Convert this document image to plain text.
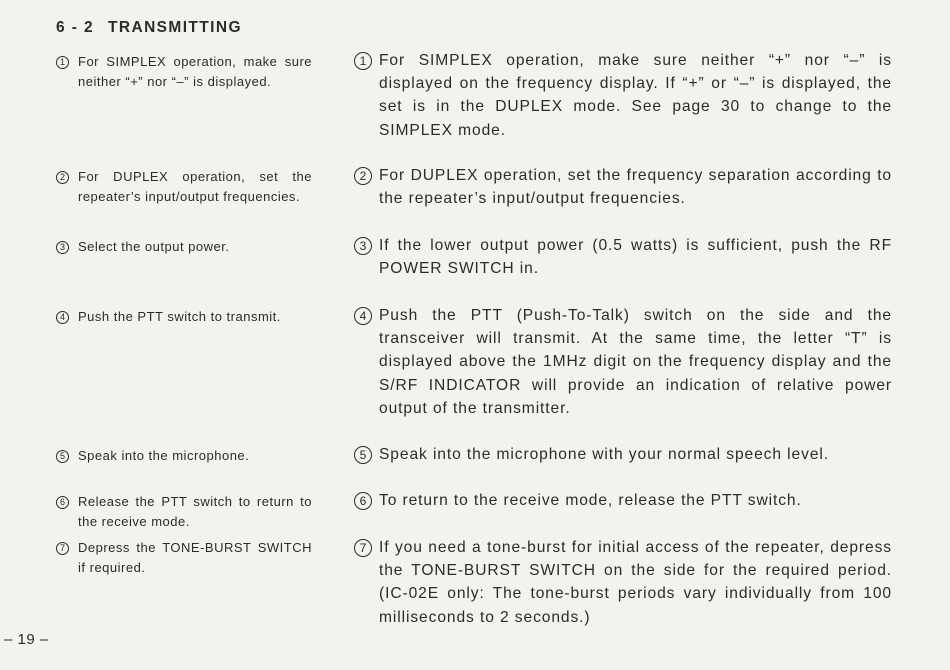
6 - 2 TRANSMITTING
1	For SIMPLEX operation, make sure neither “+” nor “–” is displayed.
2	For DUPLEX operation, set the repeater’s input/output frequencies.
3	Select the output power.
4	Push the PTT switch to transmit.
5	Speak into the microphone.
6	Release the PTT switch to return to the receive mode.
7	Depress the TONE-BURST SWITCH if required.
1 For SIMPLEX operation, make sure neither “+” nor “–” is displayed on the frequency display. If “+” or “–” is displayed, the set is in the DUPLEX mode. See page 30 to change to the SIMPLEX mode.
2 For DUPLEX operation, set the frequency separation according to the repeater’s input/output frequencies.
3 If the lower output power (0.5 watts) is sufficient, push the RF POWER SWITCH in.
4 Push the PTT (Push-To-Talk) switch on the side and the transceiver will transmit. At the same time, the letter “T” is displayed above the 1MHz digit on the frequency display and the S/RF INDICATOR will provide an indication of relative power output of the transmitter.
5 Speak into the microphone with your normal speech level.
6 To return to the receive mode, release the PTT switch.
7 If you need a tone-burst for initial access of the repeater, depress the TONE-BURST SWITCH on the side for the required period. (IC-02E only: The tone-burst periods vary individually from 100 milliseconds to 2 seconds.)
– 19 –
